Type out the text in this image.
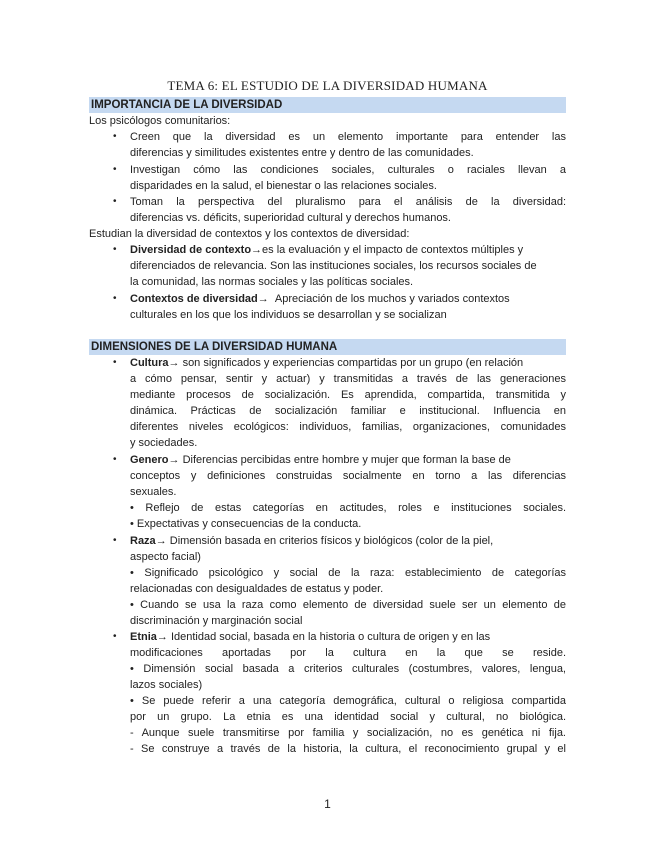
TEMA 6: EL ESTUDIO DE LA DIVERSIDAD HUMANA
IMPORTANCIA DE LA DIVERSIDAD
Los psicólogos comunitarios:
• Creen que la diversidad es un elemento importante para entender las
diferencias y similitudes existentes entre y dentro de las comunidades.
• Investigan cómo las condiciones sociales, culturales o raciales llevan a
disparidades en la salud, el bienestar o las relaciones sociales.
• Toman la perspectiva del pluralismo para el análisis de la diversidad:
diferencias vs. déficits, superioridad cultural y derechos humanos.
Estudian la diversidad de contextos y los contextos de diversidad:
• Diversidad de contexto→es la evaluación y el impacto de contextos múltiples y
diferenciados de relevancia. Son las instituciones sociales, los recursos sociales de
la comunidad, las normas sociales y las políticas sociales.
• Contextos de diversidad→ Apreciación de los muchos y variados contextos
culturales en los que los individuos se desarrollan y se socializan
DIMENSIONES DE LA DIVERSIDAD HUMANA
• Cultura→ son significados y experiencias compartidas por un grupo (en relación
a cómo pensar, sentir y actuar) y transmitidas a través de las generaciones
mediante procesos de socialización. Es aprendida, compartida, transmitida y
dinámica. Prácticas de socialización familiar e institucional. Influencia en
diferentes niveles ecológicos: individuos, familias, organizaciones, comunidades
y sociedades.
• Genero→ Diferencias percibidas entre hombre y mujer que forman la base de
conceptos y definiciones construidas socialmente en torno a las diferencias
sexuales.
• Reflejo de estas categorías en actitudes, roles e instituciones sociales.
• Expectativas y consecuencias de la conducta.
• Raza→ Dimensión basada en criterios físicos y biológicos (color de la piel,
aspecto facial)
• Significado psicológico y social de la raza: establecimiento de categorías
relacionadas con desigualdades de estatus y poder.
• Cuando se usa la raza como elemento de diversidad suele ser un elemento de
discriminación y marginación social
• Etnia→ Identidad social, basada en la historia o cultura de origen y en las
modificaciones aportadas por la cultura en la que se reside.
• Dimensión social basada a criterios culturales (costumbres, valores, lengua,
lazos sociales)
• Se puede referir a una categoría demográfica, cultural o religiosa compartida
por un grupo. La etnia es una identidad social y cultural, no biológica.
- Aunque suele transmitirse por familia y socialización, no es genética ni fija.
- Se construye a través de la historia, la cultura, el reconocimiento grupal y el
1
